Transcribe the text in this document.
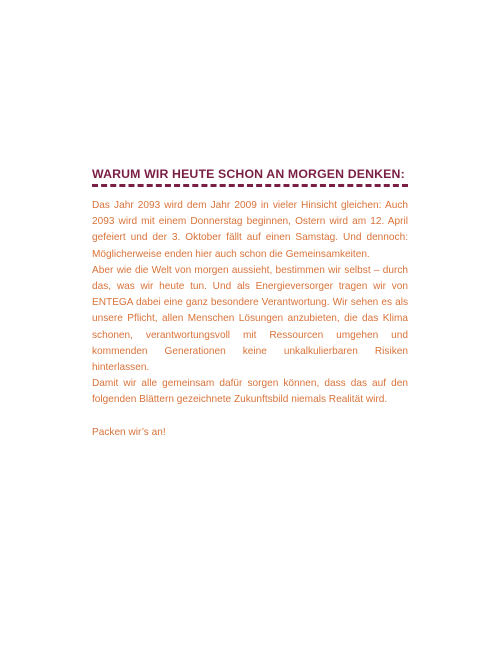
WARUM WIR HEUTE SCHON AN MORGEN DENKEN:

Das Jahr 2093 wird dem Jahr 2009 in vieler Hinsicht gleichen: Auch 2093 wird mit einem Donnerstag beginnen, Ostern wird am 12. April gefeiert und der 3. Oktober fällt auf einen Samstag. Und dennoch: Möglicherweise enden hier auch schon die Gemeinsamkeiten.

Aber wie die Welt von morgen aussieht, bestimmen wir selbst – durch das, was wir heute tun. Und als Energieversorger tragen wir von ENTEGA dabei eine ganz besondere Verantwortung. Wir sehen es als unsere Pflicht, allen Menschen Lösungen anzubieten, die das Klima schonen, verantwortungsvoll mit Ressourcen umgehen und kommenden Generationen keine unkalkulierbaren Risiken hinterlassen.

Damit wir alle gemeinsam dafür sorgen können, dass das auf den folgenden Blättern gezeichnete Zukunftsbild niemals Realität wird.

Packen wir’s an!
